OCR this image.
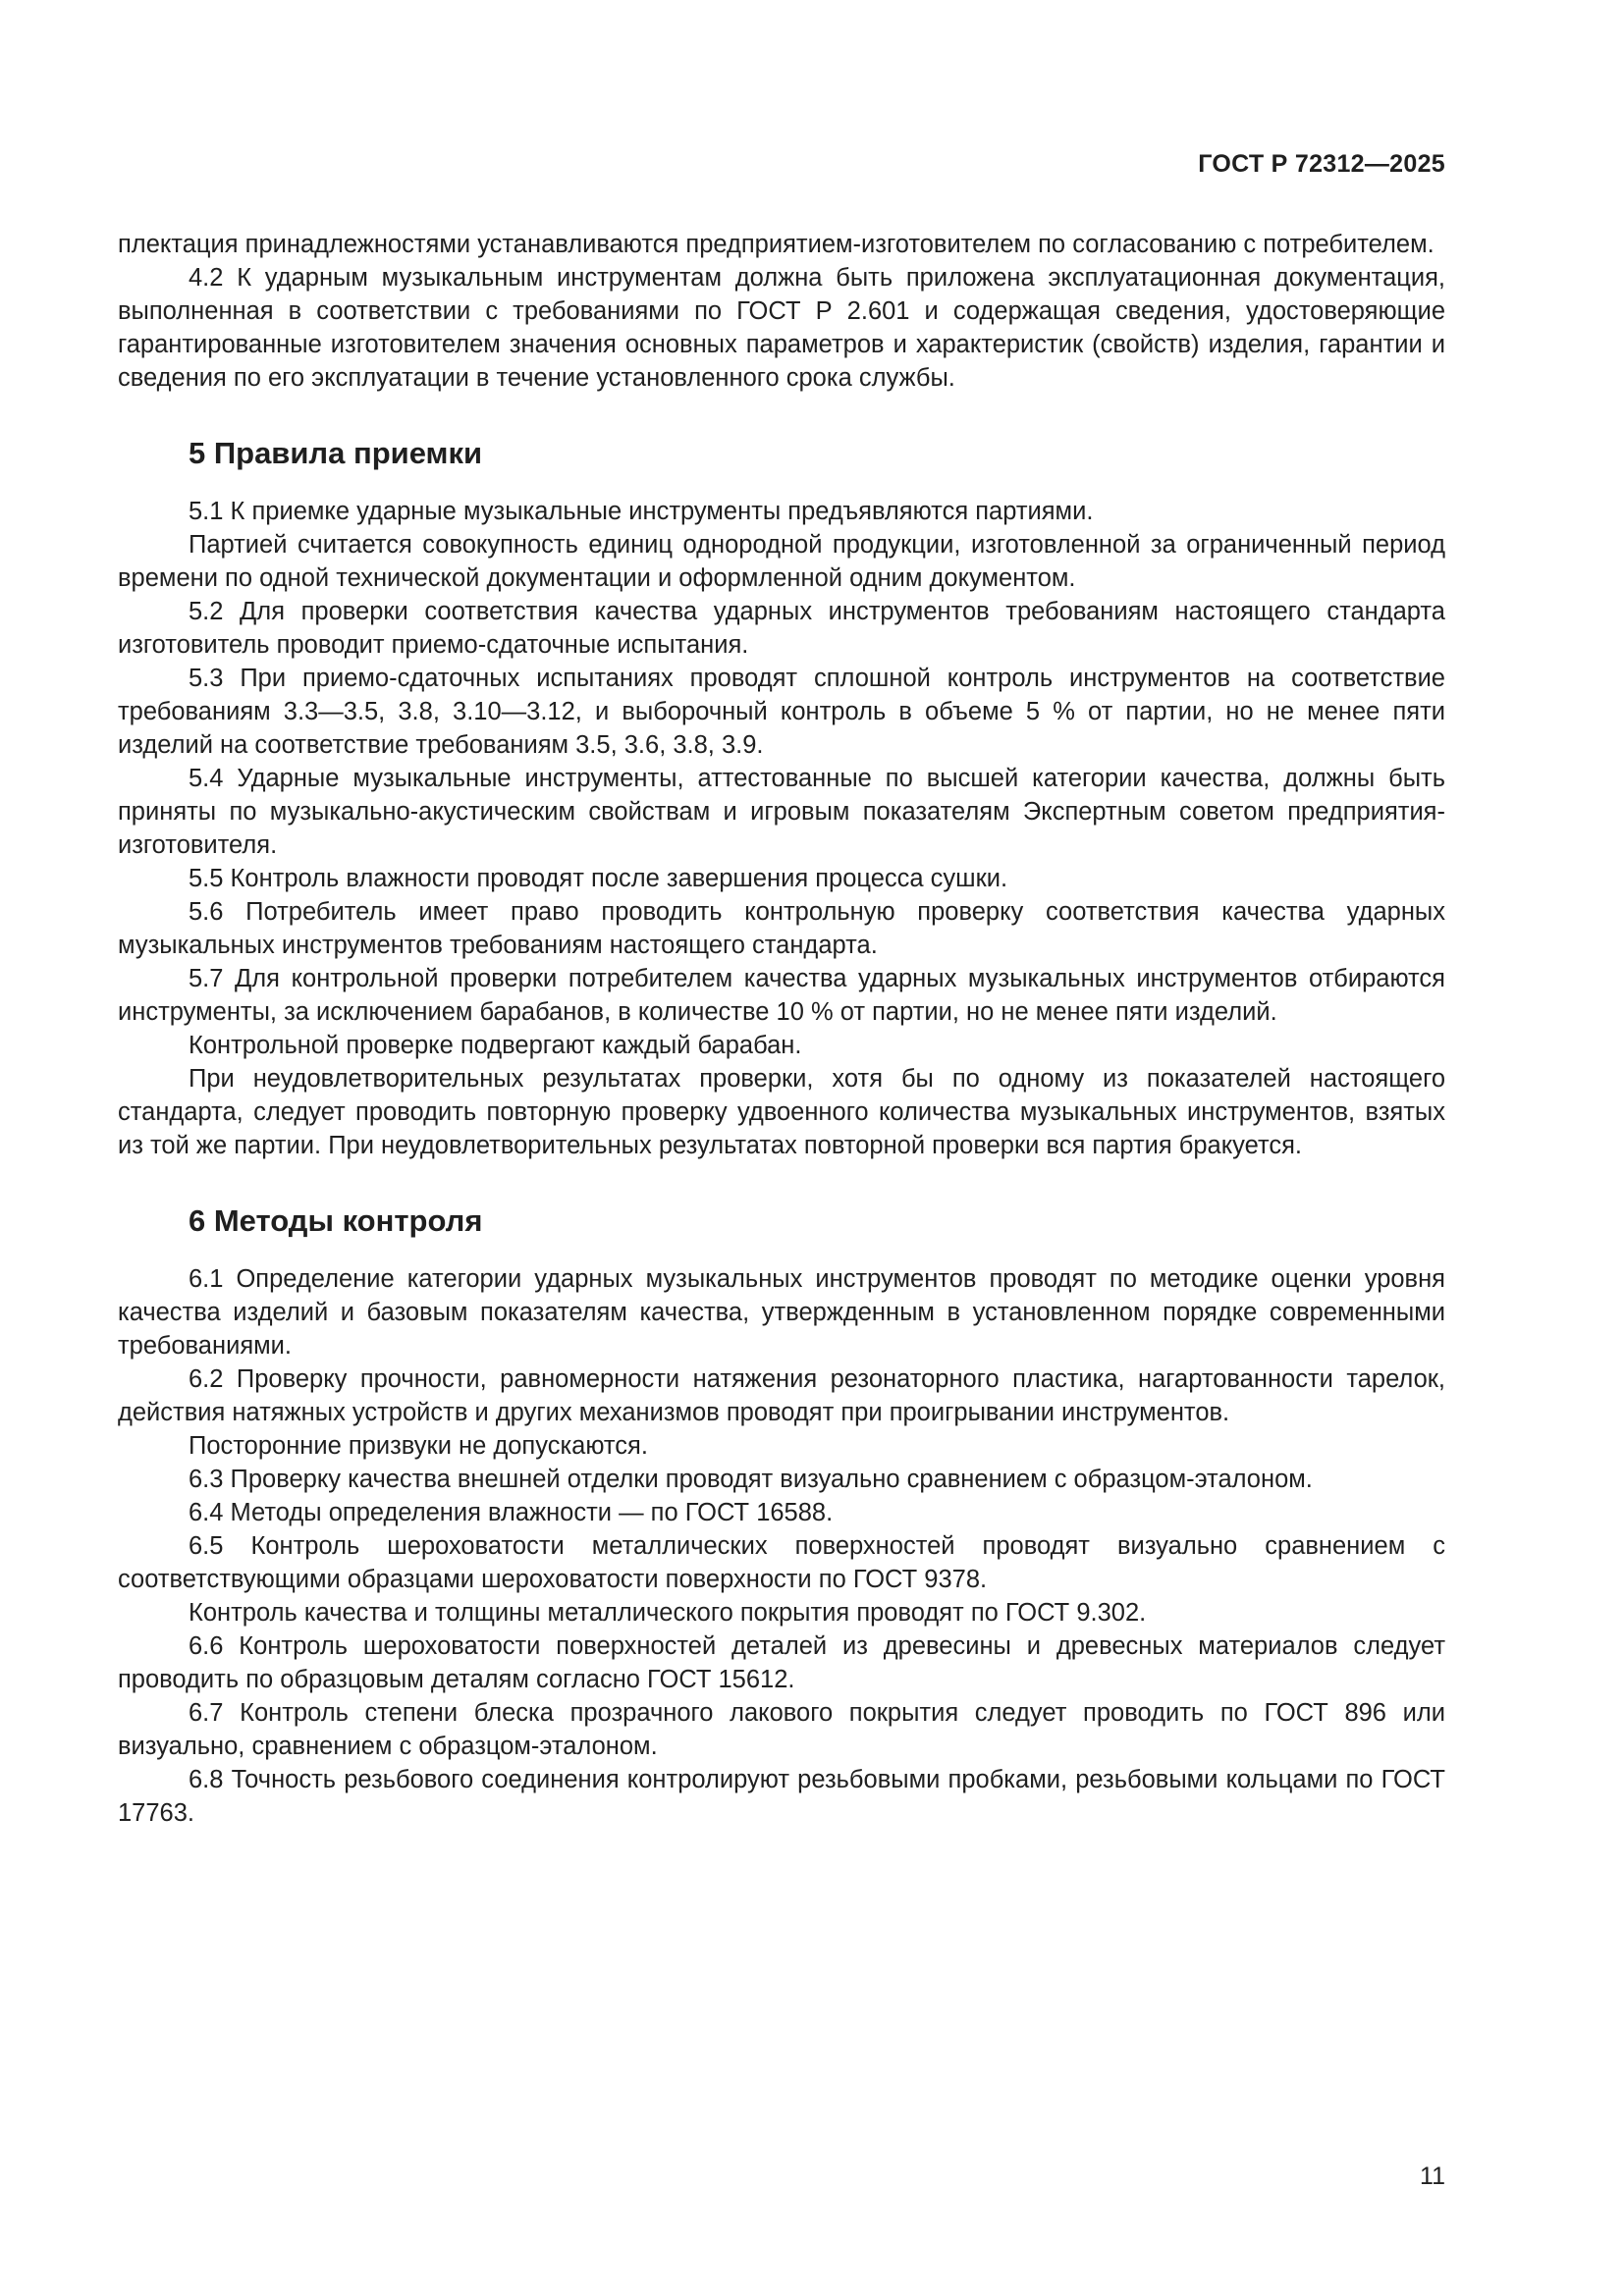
ГОСТ Р 72312—2025

плектация принадлежностями устанавливаются предприятием-изготовителем по согласованию с потребителем.

4.2 К ударным музыкальным инструментам должна быть приложена эксплуатационная документация, выполненная в соответствии с требованиями по ГОСТ Р 2.601 и содержащая сведения, удостоверяющие гарантированные изготовителем значения основных параметров и характеристик (свойств) изделия, гарантии и сведения по его эксплуатации в течение установленного срока службы.

5 Правила приемки

5.1 К приемке ударные музыкальные инструменты предъявляются партиями.

Партией считается совокупность единиц однородной продукции, изготовленной за ограниченный период времени по одной технической документации и оформленной одним документом.

5.2 Для проверки соответствия качества ударных инструментов требованиям настоящего стандарта изготовитель проводит приемо-сдаточные испытания.

5.3 При приемо-сдаточных испытаниях проводят сплошной контроль инструментов на соответствие требованиям 3.3—3.5, 3.8, 3.10—3.12, и выборочный контроль в объеме 5 % от партии, но не менее пяти изделий на соответствие требованиям 3.5, 3.6, 3.8, 3.9.

5.4 Ударные музыкальные инструменты, аттестованные по высшей категории качества, должны быть приняты по музыкально-акустическим свойствам и игровым показателям Экспертным советом предприятия-изготовителя.

5.5 Контроль влажности проводят после завершения процесса сушки.

5.6 Потребитель имеет право проводить контрольную проверку соответствия качества ударных музыкальных инструментов требованиям настоящего стандарта.

5.7 Для контрольной проверки потребителем качества ударных музыкальных инструментов отбираются инструменты, за исключением барабанов, в количестве 10 % от партии, но не менее пяти изделий.

Контрольной проверке подвергают каждый барабан.

При неудовлетворительных результатах проверки, хотя бы по одному из показателей настоящего стандарта, следует проводить повторную проверку удвоенного количества музыкальных инструментов, взятых из той же партии. При неудовлетворительных результатах повторной проверки вся партия бракуется.

6 Методы контроля

6.1 Определение категории ударных музыкальных инструментов проводят по методике оценки уровня качества изделий и базовым показателям качества, утвержденным в установленном порядке современными требованиями.

6.2 Проверку прочности, равномерности натяжения резонаторного пластика, нагартованности тарелок, действия натяжных устройств и других механизмов проводят при проигрывании инструментов.

Посторонние призвуки не допускаются.

6.3 Проверку качества внешней отделки проводят визуально сравнением с образцом-эталоном.

6.4 Методы определения влажности — по ГОСТ 16588.

6.5 Контроль шероховатости металлических поверхностей проводят визуально сравнением с соответствующими образцами шероховатости поверхности по ГОСТ 9378.

Контроль качества и толщины металлического покрытия проводят по ГОСТ 9.302.

6.6 Контроль шероховатости поверхностей деталей из древесины и древесных материалов следует проводить по образцовым деталям согласно ГОСТ 15612.

6.7 Контроль степени блеска прозрачного лакового покрытия следует проводить по ГОСТ 896 или визуально, сравнением с образцом-эталоном.

6.8 Точность резьбового соединения контролируют резьбовыми пробками, резьбовыми кольцами по ГОСТ 17763.

11
